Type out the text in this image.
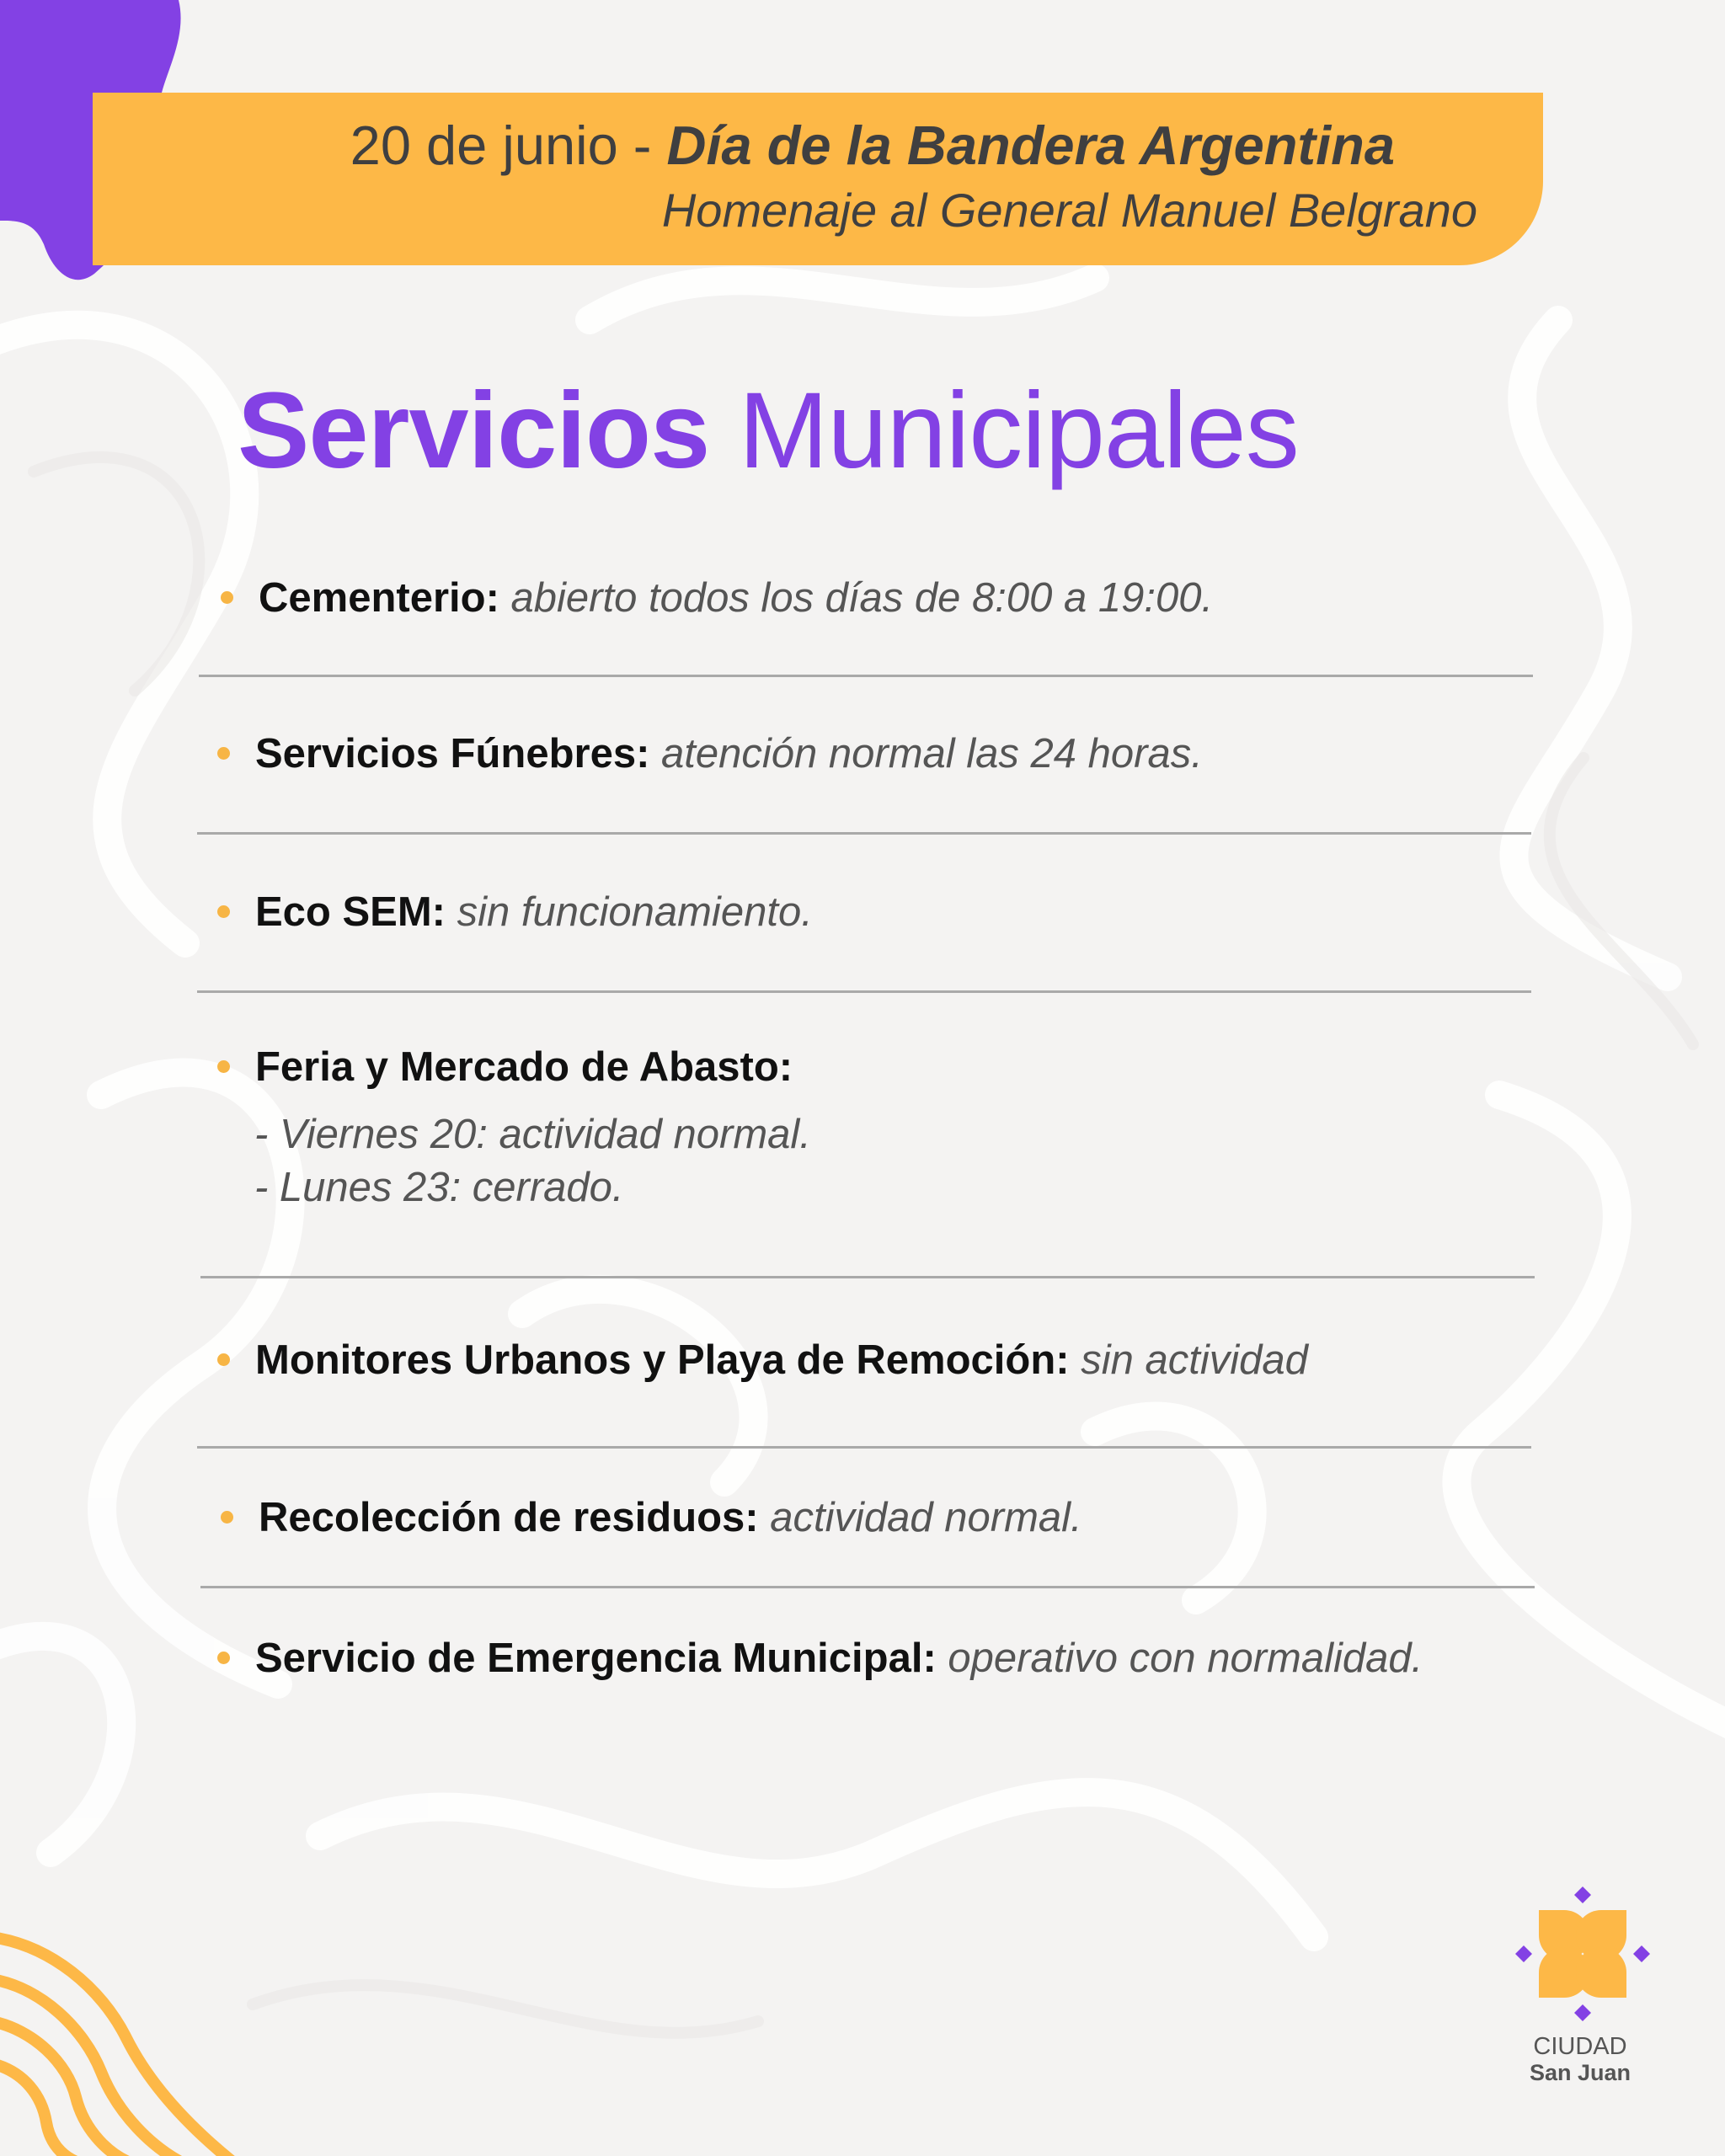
20 de junio - Día de la Bandera Argentina
Homenaje al General Manuel Belgrano
Servicios Municipales
Cementerio: abierto todos los días de 8:00 a 19:00.
Servicios Fúnebres: atención normal las 24 horas.
Eco SEM: sin funcionamiento.
Feria y Mercado de Abasto:
- Viernes 20: actividad normal.
- Lunes 23: cerrado.
Monitores Urbanos y Playa de Remoción: sin actividad
Recolección de residuos: actividad normal.
Servicio de Emergencia Municipal: operativo con normalidad.
CIUDAD
San Juan
